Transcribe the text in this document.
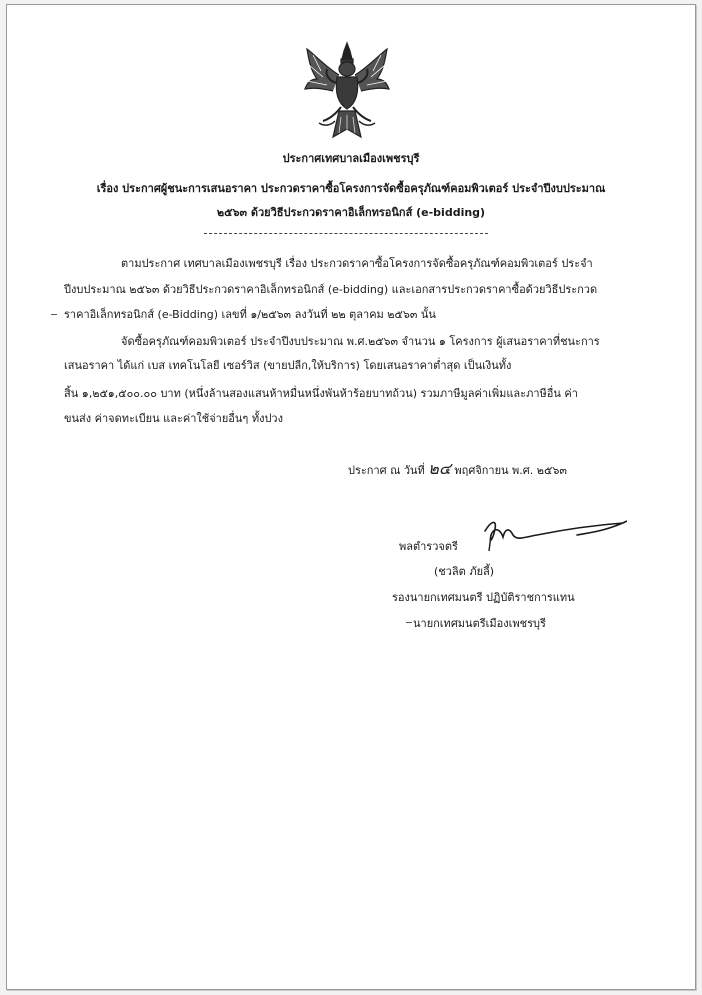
ประกาศเทศบาลเมืองเพชรบุรี
เรื่อง ประกาศผู้ชนะการเสนอราคา ประกวดราคาซื้อโครงการจัดซื้อครุภัณฑ์คอมพิวเตอร์ ประจำปีงบประมาณ
๒๕๖๓ ด้วยวิธีประกวดราคาอิเล็กทรอนิกส์ (e-bidding)
ตามประกาศ เทศบาลเมืองเพชรบุรี เรื่อง ประกวดราคาซื้อโครงการจัดซื้อครุภัณฑ์คอมพิวเตอร์ ประจำ
ปีงบประมาณ ๒๕๖๓ ด้วยวิธีประกวดราคาอิเล็กทรอนิกส์ (e-bidding) และเอกสารประกวดราคาซื้อด้วยวิธีประกวด
ราคาอิเล็กทรอนิกส์ (e-Bidding) เลขที่ ๑/๒๕๖๓ ลงวันที่ ๒๒ ตุลาคม ๒๕๖๓ นั้น
จัดซื้อครุภัณฑ์คอมพิวเตอร์ ประจำปีงบประมาณ พ.ศ.๒๕๖๓ จำนวน ๑ โครงการ ผู้เสนอราคาที่ชนะการ
เสนอราคา ได้แก่ เบส เทคโนโลยี เซอร์วิส (ขายปลีก,ให้บริการ) โดยเสนอราคาต่ำสุด เป็นเงินทั้ง
สิ้น ๑,๒๕๑,๕๐๐.๐๐ บาท (หนึ่งล้านสองแสนห้าหมื่นหนึ่งพันห้าร้อยบาทถ้วน) รวมภาษีมูลค่าเพิ่มและภาษีอื่น ค่า
ขนส่ง ค่าจดทะเบียน และค่าใช้จ่ายอื่นๆ ทั้งปวง
ประกาศ ณ วันที่ ๒๔ พฤศจิกายน พ.ศ. ๒๕๖๓
พลตำรวจตรี
(ชวลิต ภัยลี้)
รองนายกเทศมนตรี ปฏิบัติราชการแทน
นายกเทศมนตรีเมืองเพชรบุรี
